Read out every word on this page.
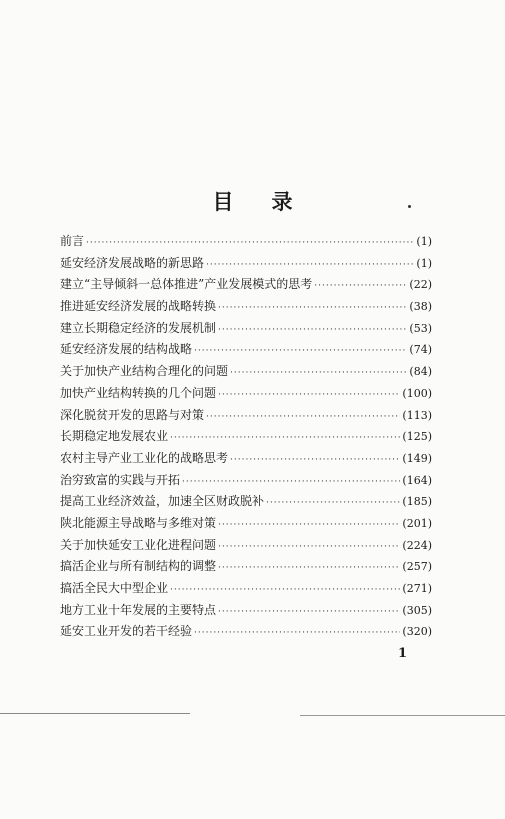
目录
前言 ·····	(1)
延安经济发展战略的新思路 ·····	(1)
建立“主导倾斜一总体推进”产业发展模式的思考 ·····	(22)
推进延安经济发展的战略转换 ·····	(38)
建立长期稳定经济的发展机制 ·····	(53)
延安经济发展的结构战略 ·····	(74)
关于加快产业结构合理化的问题 ·····	(84)
加快产业结构转换的几个问题 ·····	(100)
深化脱贫开发的思路与对策 ·····	(113)
长期稳定地发展农业 ·····	(125)
农村主导产业工业化的战略思考 ·····	(149)
治穷致富的实践与开拓 ·····	(164)
提高工业经济效益，加速全区财政脱补 ·····	(185)
陕北能源主导战略与多维对策 ·····	(201)
关于加快延安工业化进程问题 ·····	(224)
搞活企业与所有制结构的调整 ·····	(257)
搞活全民大中型企业 ·····	(271)
地方工业十年发展的主要特点 ·····	(305)
延安工业开发的若干经验 ·····	(320)
1
